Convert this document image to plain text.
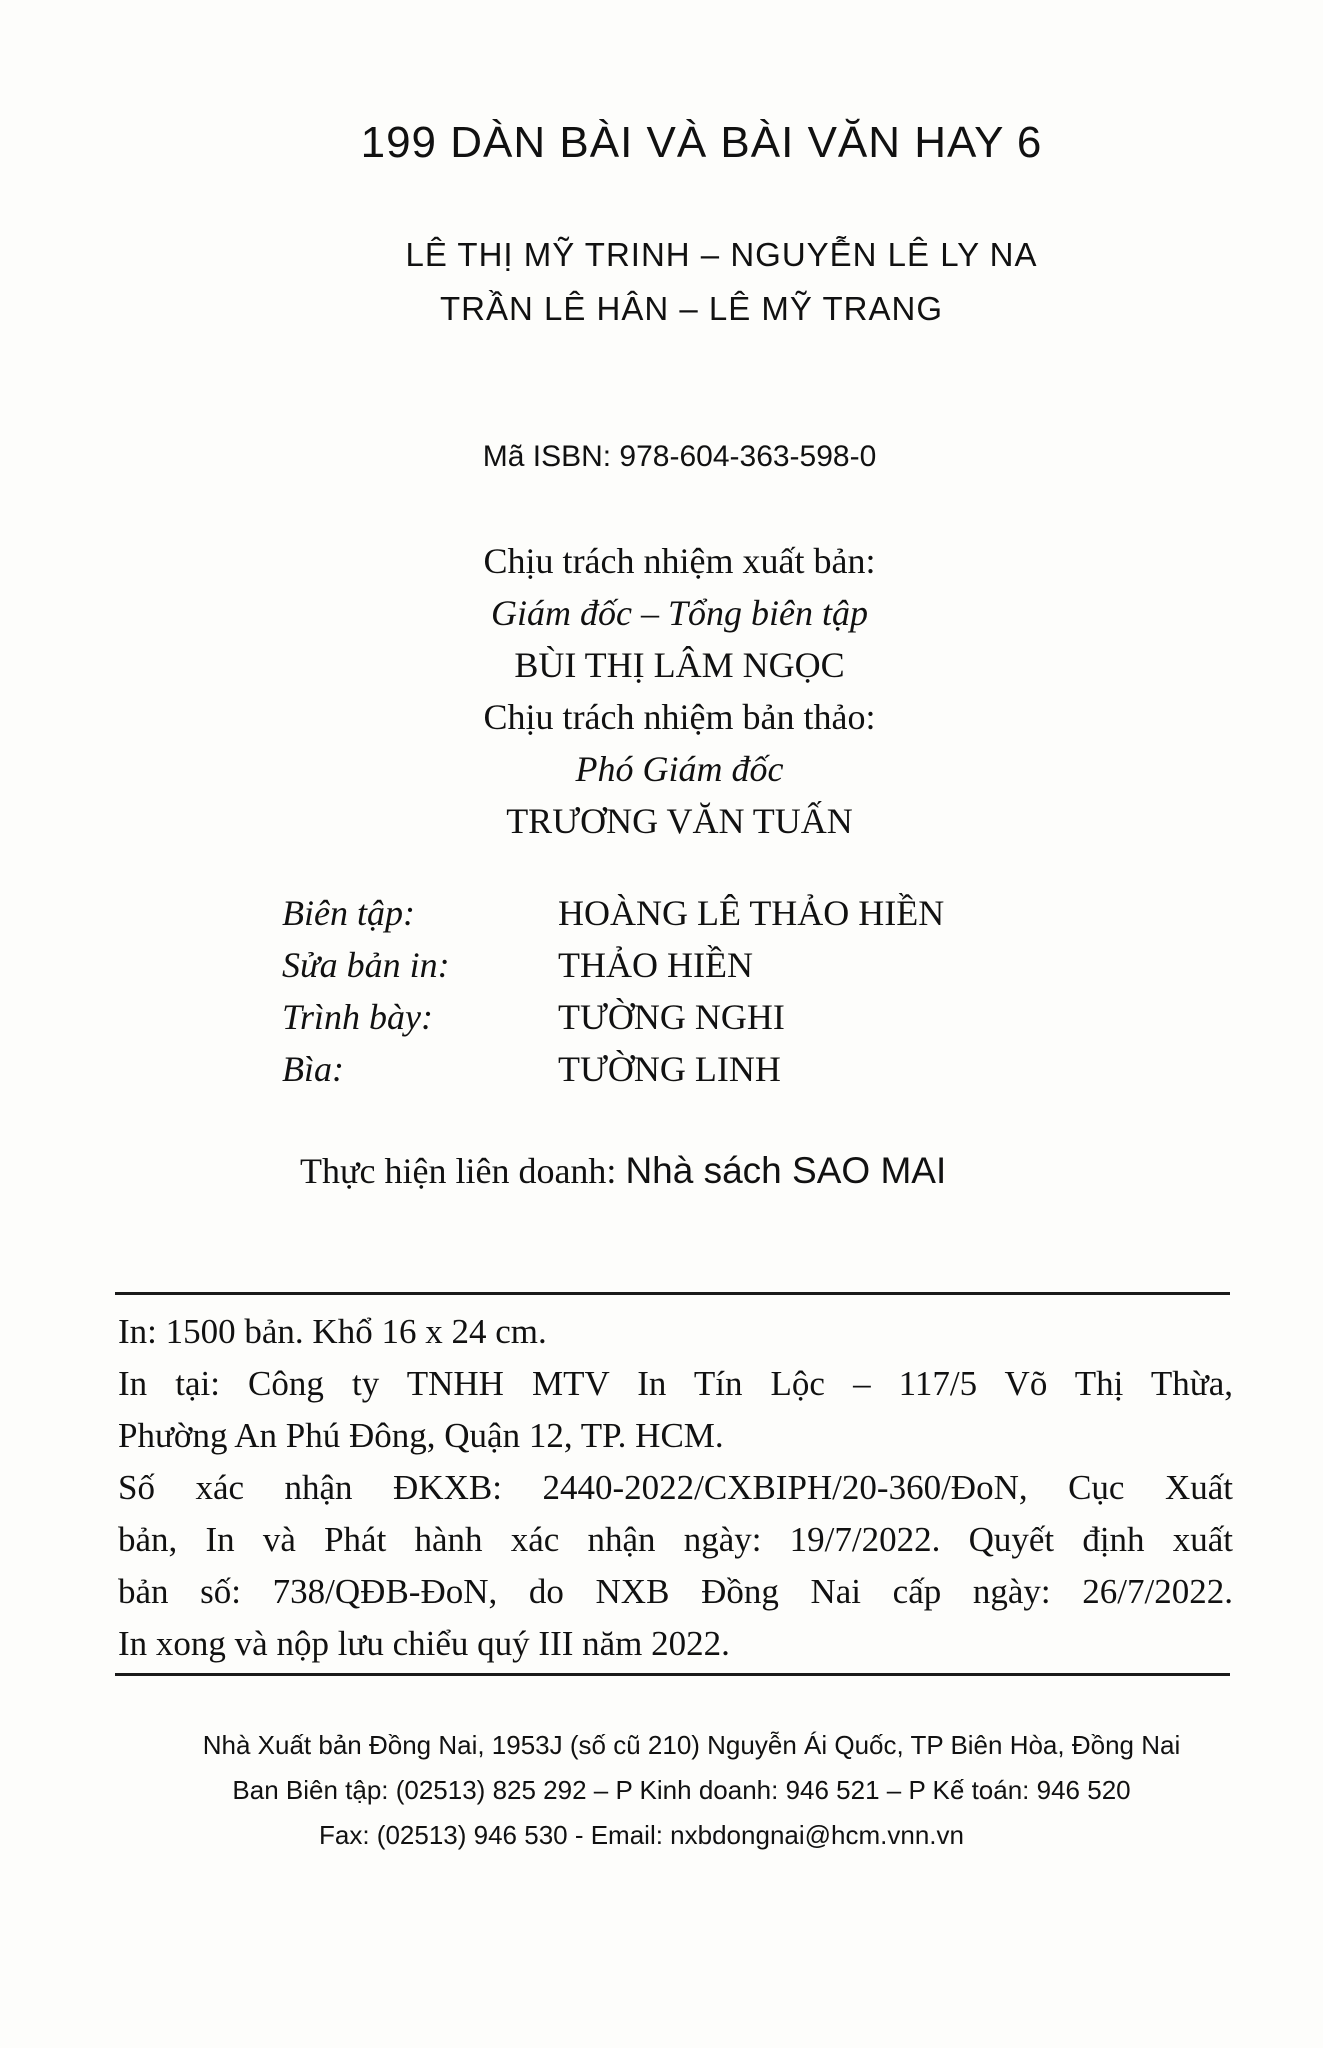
199 DÀN BÀI VÀ BÀI VĂN HAY 6
LÊ THỊ MỸ TRINH – NGUYỄN LÊ LY NA
TRẦN LÊ HÂN – LÊ MỸ TRANG
Mã ISBN: 978-604-363-598-0
Chịu trách nhiệm xuất bản:
Giám đốc – Tổng biên tập
BÙI THỊ LÂM NGỌC
Chịu trách nhiệm bản thảo:
Phó Giám đốc
TRƯƠNG VĂN TUẤN
Biên tập:	HOÀNG LÊ THẢO HIỀN
Sửa bản in:	THẢO HIỀN
Trình bày:	TƯỜNG NGHI
Bìa:	TƯỜNG LINH
Thực hiện liên doanh: Nhà sách SAO MAI
In: 1500 bản. Khổ 16 x 24 cm.
In tại: Công ty TNHH MTV In Tín Lộc – 117/5 Võ Thị Thừa,
Phường An Phú Đông, Quận 12, TP. HCM.
Số xác nhận ĐKXB: 2440-2022/CXBIPH/20-360/ĐoN, Cục Xuất
bản, In và Phát hành xác nhận ngày: 19/7/2022. Quyết định xuất
bản số: 738/QĐB-ĐoN, do NXB Đồng Nai cấp ngày: 26/7/2022.
In xong và nộp lưu chiểu quý III năm 2022.
Nhà Xuất bản Đồng Nai, 1953J (số cũ 210) Nguyễn Ái Quốc, TP Biên Hòa, Đồng Nai
Ban Biên tập: (02513) 825 292 – P Kinh doanh: 946 521 – P Kế toán: 946 520
Fax: (02513) 946 530 - Email: nxbdongnai@hcm.vnn.vn
